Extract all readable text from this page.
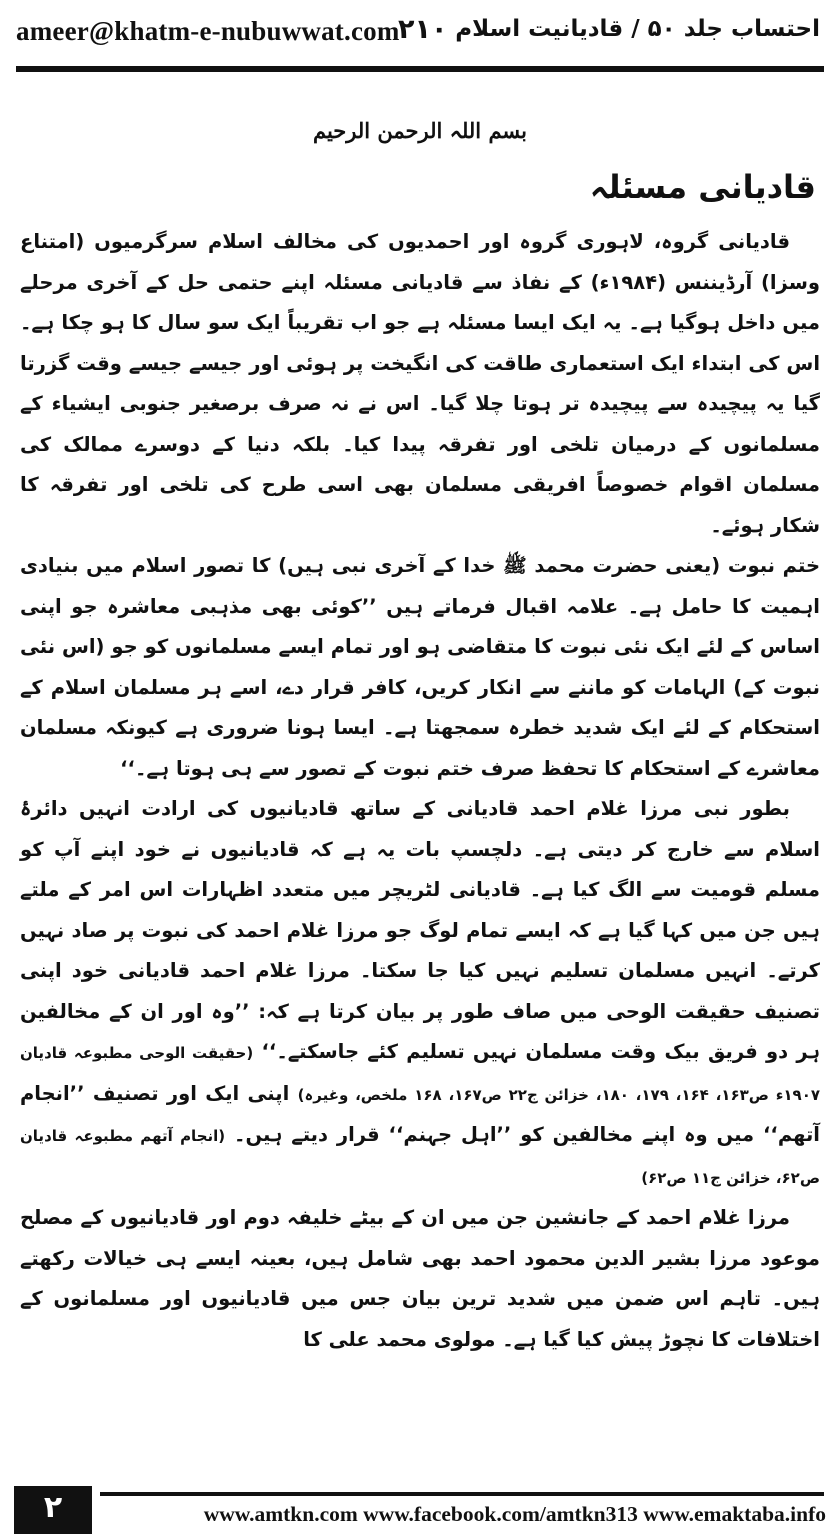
ameer@khatm-e-nubuwwat.com
۲۱۰ احتساب جلد ۵۰ / قادیانیت اسلام
بسم اللہ الرحمن الرحیم
قادیانی مسئلہ

قادیانی گروہ، لاہوری گروہ اور احمدیوں کی مخالف اسلام سرگرمیوں (امتناع وسزا) آرڈیننس (۱۹۸۴ء) کے نفاذ سے قادیانی مسئلہ اپنے حتمی حل کے آخری مرحلے میں داخل ہوگیا ہے۔ یہ ایک ایسا مسئلہ ہے جو اب تقریباً ایک سو سال کا ہو چکا ہے۔ اس کی ابتداء ایک استعماری طاقت کی انگیخت پر ہوئی اور جیسے جیسے وقت گزرتا گیا یہ پیچیدہ سے پیچیدہ تر ہوتا چلا گیا۔ اس نے نہ صرف برصغیر جنوبی ایشیاء کے مسلمانوں کے درمیان تلخی اور تفرقہ پیدا کیا۔ بلکہ دنیا کے دوسرے ممالک کی مسلمان اقوام خصوصاً افریقی مسلمان بھی اسی طرح کی تلخی اور تفرقہ کا شکار ہوئے۔

ختم نبوت (یعنی حضرت محمد ﷺ خدا کے آخری نبی ہیں) کا تصور اسلام میں بنیادی اہمیت کا حامل ہے۔ علامہ اقبال فرماتے ہیں ’’کوئی بھی مذہبی معاشرہ جو اپنی اساس کے لئے ایک نئی نبوت کا متقاضی ہو اور تمام ایسے مسلمانوں کو جو (اس نئی نبوت کے) الہامات کو ماننے سے انکار کریں، کافر قرار دے، اسے ہر مسلمان اسلام کے استحکام کے لئے ایک شدید خطرہ سمجھتا ہے۔ ایسا ہونا ضروری ہے کیونکہ مسلمان معاشرے کے استحکام کا تحفظ صرف ختم نبوت کے تصور سے ہی ہوتا ہے۔‘‘

بطور نبی مرزا غلام احمد قادیانی کے ساتھ قادیانیوں کی ارادت انہیں دائرۂ اسلام سے خارج کر دیتی ہے۔ دلچسپ بات یہ ہے کہ قادیانیوں نے خود اپنے آپ کو مسلم قومیت سے الگ کیا ہے۔ قادیانی لٹریچر میں متعدد اظہارات اس امر کے ملتے ہیں جن میں کہا گیا ہے کہ ایسے تمام لوگ جو مرزا غلام احمد کی نبوت پر صاد نہیں کرتے۔ انہیں مسلمان تسلیم نہیں کیا جا سکتا۔ مرزا غلام احمد قادیانی خود اپنی تصنیف حقیقت الوحی میں صاف طور پر بیان کرتا ہے کہ: ’’وہ اور ان کے مخالفین ہر دو فریق بیک وقت مسلمان نہیں تسلیم کئے جاسکتے۔‘‘ (حقیقت الوحی مطبوعہ قادیان ۱۹۰۷ء ص۱۶۳، ۱۶۴، ۱۷۹، ۱۸۰، خزائن ج۲۲ ص۱۶۷، ۱۶۸ ملخص، وغیرہ) اپنی ایک اور تصنیف ’’انجام آتھم‘‘ میں وہ اپنے مخالفین کو ’’اہل جہنم‘‘ قرار دیتے ہیں۔ (انجام آتھم مطبوعہ قادیان ص۶۲، خزائن ج۱۱ ص۶۲)

مرزا غلام احمد کے جانشین جن میں ان کے بیٹے خلیفہ دوم اور قادیانیوں کے مصلح موعود مرزا بشیر الدین محمود احمد بھی شامل ہیں، بعینہ ایسے ہی خیالات رکھتے ہیں۔ تاہم اس ضمن میں شدید ترین بیان جس میں قادیانیوں اور مسلمانوں کے اختلافات کا نچوڑ پیش کیا گیا ہے۔ مولوی محمد علی کا

۲	www.amtkn.com www.facebook.com/amtkn313 www.emaktaba.info
